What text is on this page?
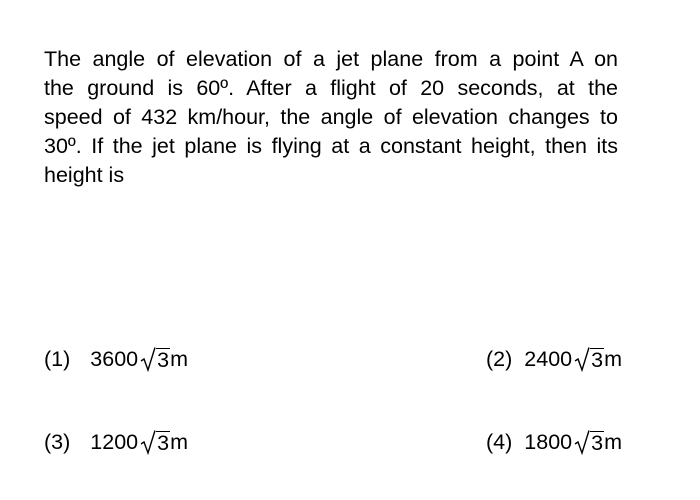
The angle of elevation of a jet plane from a point A on
the ground is 60º. After a flight of 20 seconds, at the
speed of 432 km/hour, the angle of elevation changes to
30º. If the jet plane is flying at a constant height, then its
height is
(1) 3600 3 m	(2) 2400 3 m
(3) 1200 3 m	(4) 1800 3 m
